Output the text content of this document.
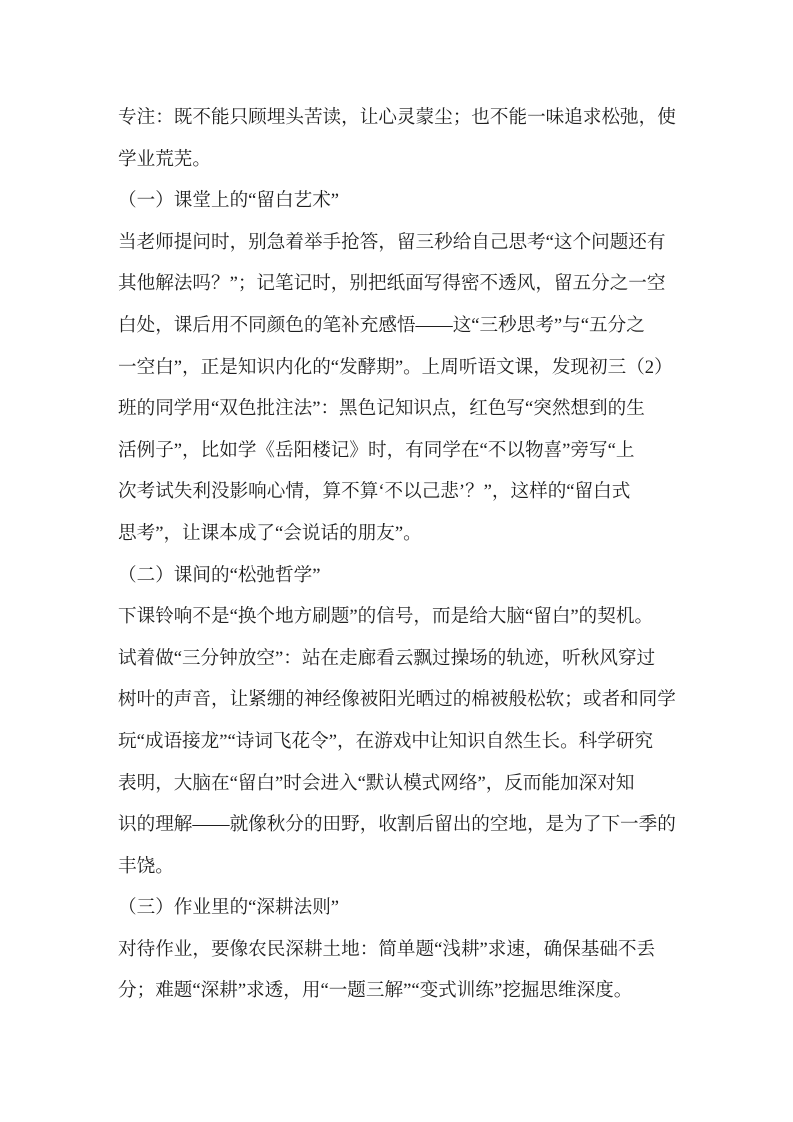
专注：既不能只顾埋头苦读，让心灵蒙尘；也不能一味追求松弛，使
学业荒芜。
（一）课堂上的“留白艺术”
当老师提问时，别急着举手抢答，留三秒给自己思考“这个问题还有
其他解法吗？”；记笔记时，别把纸面写得密不透风，留五分之一空
白处，课后用不同颜色的笔补充感悟——这“三秒思考”与“五分之
一空白”，正是知识内化的“发酵期”。上周听语文课，发现初三（2）
班的同学用“双色批注法”：黑色记知识点，红色写“突然想到的生
活例子”，比如学《岳阳楼记》时，有同学在“不以物喜”旁写“上
次考试失利没影响心情，算不算‘不以己悲’？”，这样的“留白式
思考”，让课本成了“会说话的朋友”。
（二）课间的“松弛哲学”
下课铃响不是“换个地方刷题”的信号，而是给大脑“留白”的契机。
试着做“三分钟放空”：站在走廊看云飘过操场的轨迹，听秋风穿过
树叶的声音，让紧绷的神经像被阳光晒过的棉被般松软；或者和同学
玩“成语接龙”“诗词飞花令”，在游戏中让知识自然生长。科学研究
表明，大脑在“留白”时会进入“默认模式网络”，反而能加深对知
识的理解——就像秋分的田野，收割后留出的空地，是为了下一季的
丰饶。
（三）作业里的“深耕法则”
对待作业，要像农民深耕土地：简单题“浅耕”求速，确保基础不丢
分；难题“深耕”求透，用“一题三解”“变式训练”挖掘思维深度。
